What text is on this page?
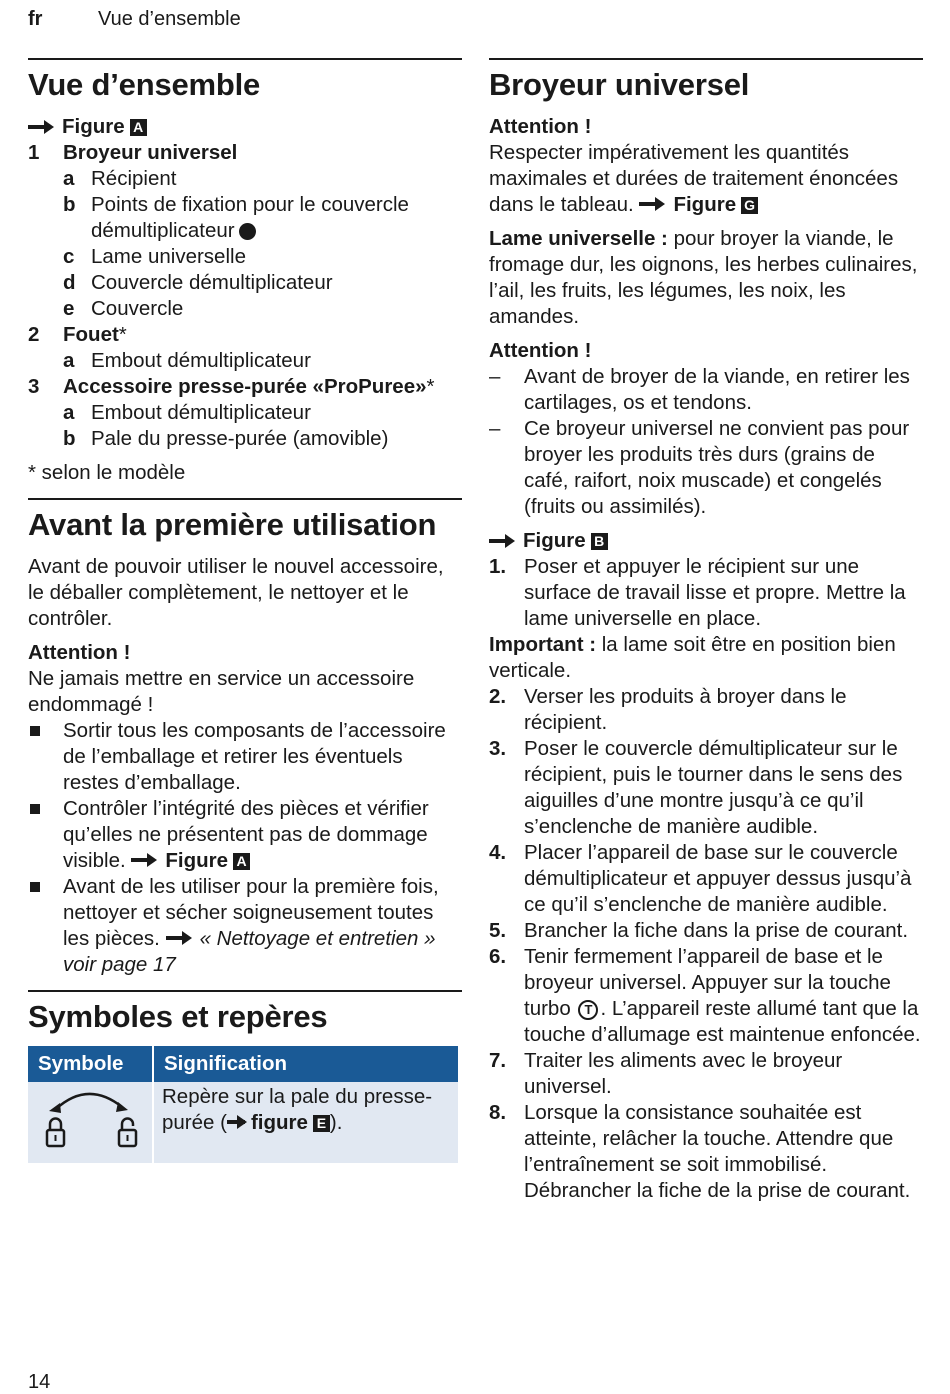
fr	Vue d’ensemble
Vue d’ensemble
Figure A
1	Broyeur universel
a Récipient
b Points de fixation pour le couvercle démultiplicateur
c Lame universelle
d Couvercle démultiplicateur
e Couvercle
2	Fouet*
a Embout démultiplicateur
3	Accessoire presse-purée «ProPuree»*
a Embout démultiplicateur
b Pale du presse-purée (amovible)
* selon le modèle
Avant la première utilisation
Avant de pouvoir utiliser le nouvel accessoire, le déballer complètement, le nettoyer et le contrôler.
Attention !
Ne jamais mettre en service un accessoire endommagé !
Sortir tous les composants de l’accessoire de l’emballage et retirer les éventuels restes d’emballage.
Contrôler l’intégrité des pièces et vérifier qu’elles ne présentent pas de dommage visible. Figure A
Avant de les utiliser pour la première fois, nettoyer et sécher soigneusement toutes les pièces. « Nettoyage et entretien » voir page 17
Symboles et repères
Symbole	Signification
	Repère sur la pale du presse-purée ( figure E ).
Broyeur universel
Attention !
Respecter impérativement les quantités maximales et durées de traitement énoncées dans le tableau. Figure G
Lame universelle : pour broyer la viande, le fromage dur, les oignons, les herbes culinaires, l’ail, les fruits, les légumes, les noix, les amandes.
Attention !
–	Avant de broyer de la viande, en retirer les cartilages, os et tendons.
–	Ce broyeur universel ne convient pas pour broyer les produits très durs (grains de café, raifort, noix muscade) et congelés (fruits ou assimilés).
Figure B
1. Poser et appuyer le récipient sur une surface de travail lisse et propre. Mettre la lame universelle en place.
Important : la lame soit être en position bien verticale.
2. Verser les produits à broyer dans le récipient.
3. Poser le couvercle démultiplicateur sur le récipient, puis le tourner dans le sens des aiguilles d’une montre jusqu’à ce qu’il s’enclenche de manière audible.
4. Placer l’appareil de base sur le couvercle démultiplicateur et appuyer dessus jusqu’à ce qu’il s’enclenche de manière audible.
5. Brancher la fiche dans la prise de courant.
6. Tenir fermement l’appareil de base et le broyeur universel. Appuyer sur la touche turbo T . L’appareil reste allumé tant que la touche d’allumage est maintenue enfoncée.
7. Traiter les aliments avec le broyeur universel.
8. Lorsque la consistance souhaitée est atteinte, relâcher la touche. Attendre que l’entraînement se soit immobilisé. Débrancher la fiche de la prise de courant.
14
